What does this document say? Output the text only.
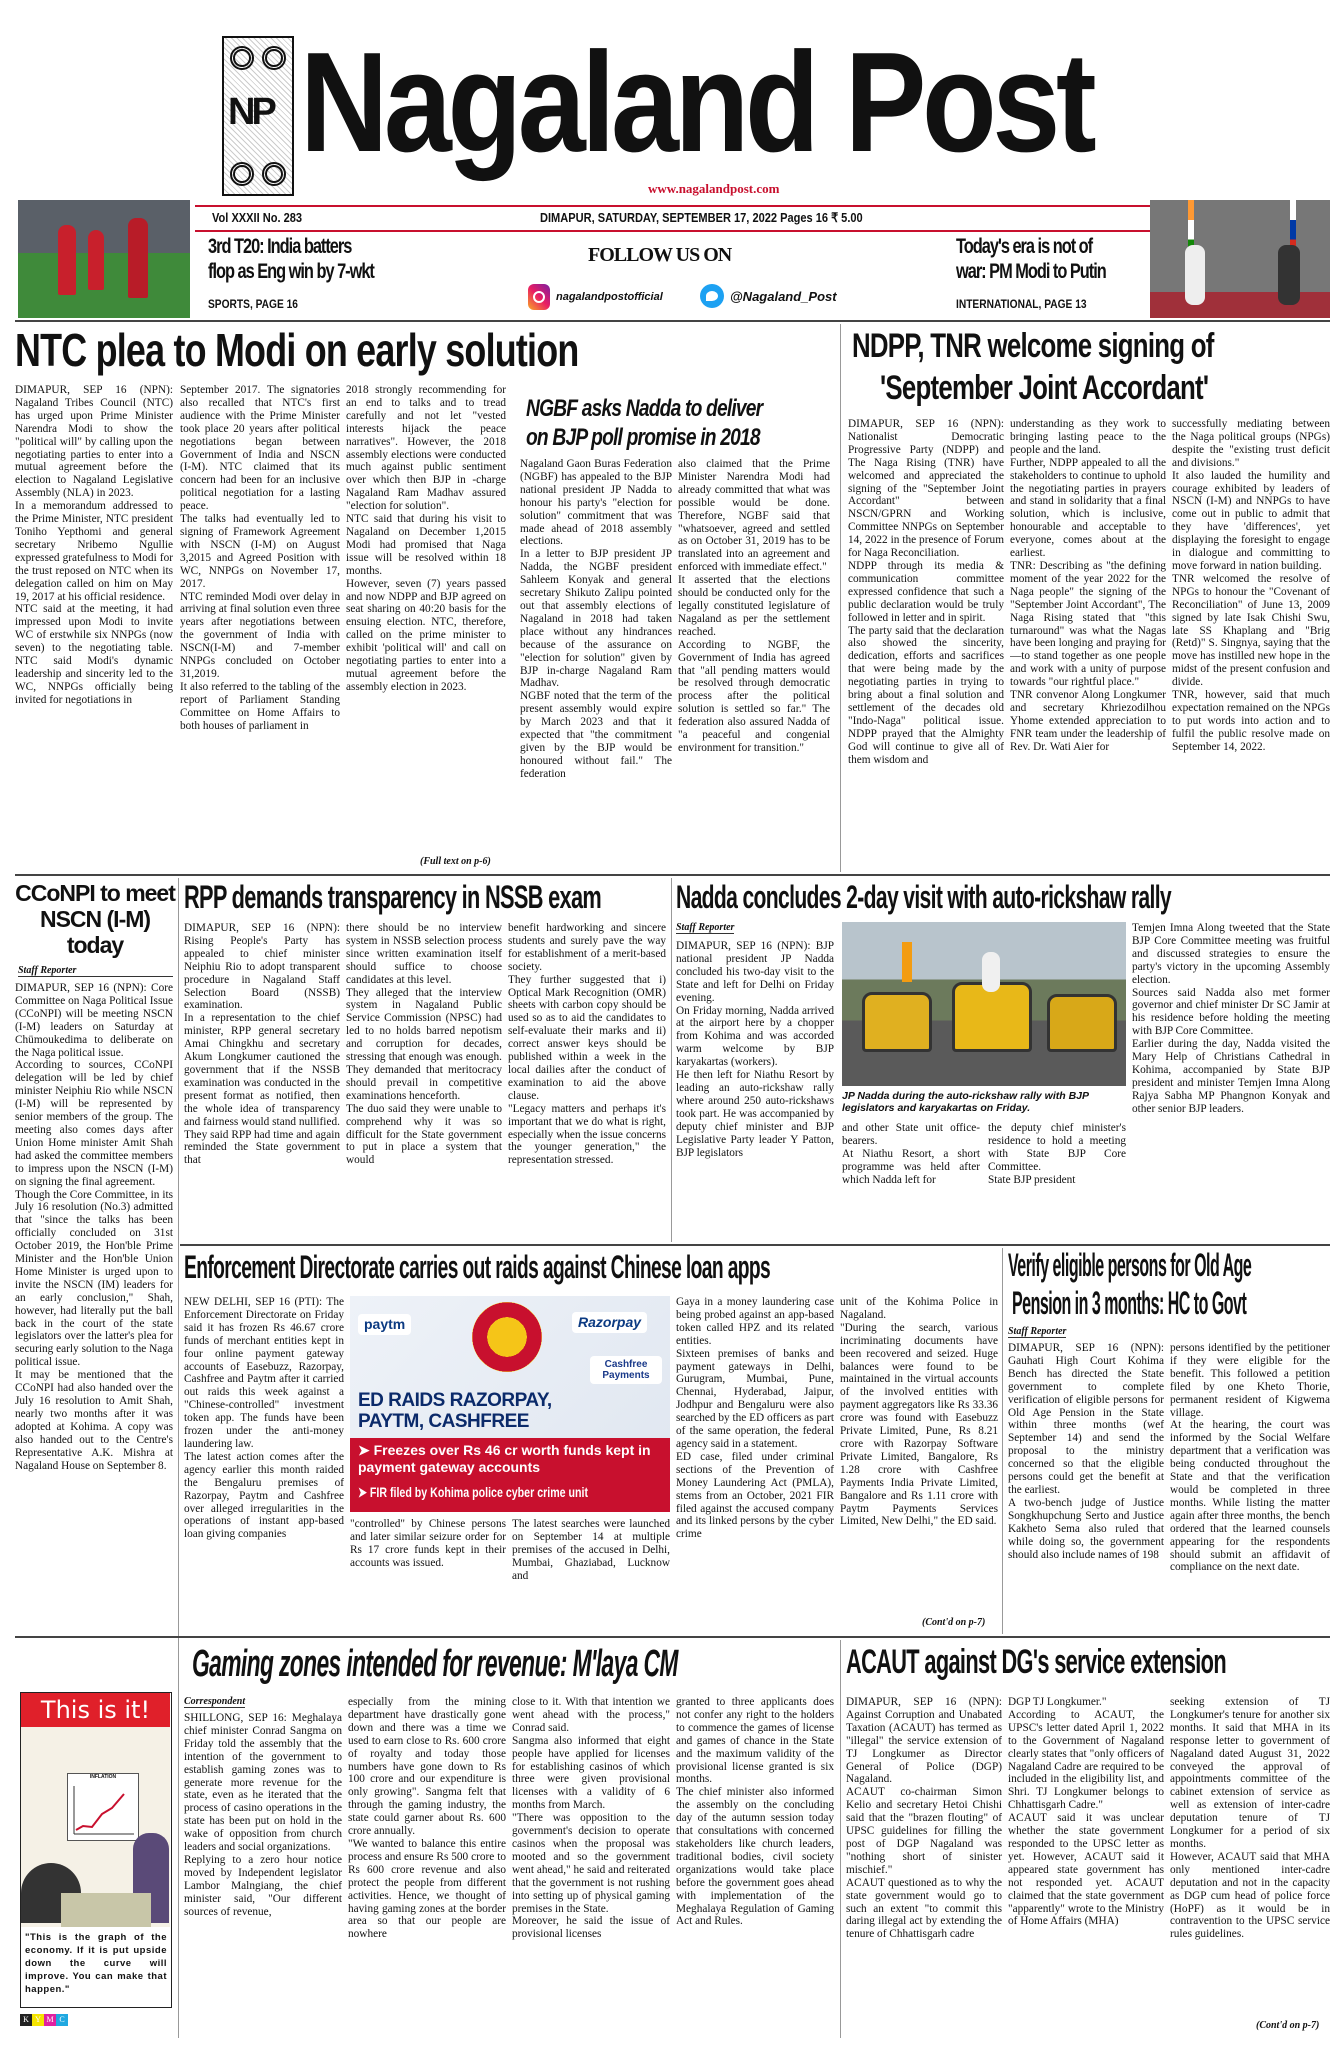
NP Nagaland Post
www.nagalandpost.com
Vol XXXII No. 283	DIMAPUR, SATURDAY, SEPTEMBER 17, 2022 Pages 16 ₹ 5.00
3rd T20: India batters
flop as Eng win by 7-wkt
SPORTS, PAGE 16
FOLLOW US ON
nagalandpostofficial	@Nagaland_Post
Today's era is not of
war: PM Modi to Putin
INTERNATIONAL, PAGE 13
NTC plea to Modi on early solution
DIMAPUR, SEP 16 (NPN): Nagaland Tribes Council (NTC) has urged upon Prime Minister Narendra Modi to show the "political will" by calling upon the negotiating parties to enter into a mutual agreement before the election to Nagaland Legislative Assembly (NLA) in 2023.
In a memorandum addressed to the Prime Minister, NTC president Toniho Yepthomi and general secretary Nribemo Ngullie expressed gratefulness to Modi for the trust reposed on NTC when its delegation called on him on May 19, 2017 at his official residence.
NTC said at the meeting, it had impressed upon Modi to invite WC of erstwhile six NNPGs (now seven) to the negotiating table. NTC said Modi's dynamic leadership and sincerity led to the WC, NNPGs officially being invited for negotiations in
September 2017. The signatories also recalled that NTC's first audience with the Prime Minister took place 20 years after political negotiations began between Government of India and NSCN (I-M). NTC claimed that its concern had been for an inclusive political negotiation for a lasting peace.
The talks had eventually led to signing of Framework Agreement with NSCN (I-M) on August 3,2015 and Agreed Position with WC, NNPGs on November 17, 2017.
NTC reminded Modi over delay in arriving at final solution even three years after negotiations between the government of India with NSCN(I-M) and 7-member NNPGs concluded on October 31,2019.
It also referred to the tabling of the report of Parliament Standing Committee on Home Affairs to both houses of parliament in
2018 strongly recommending for an end to talks and to tread carefully and not let "vested interests hijack the peace narratives". However, the 2018 assembly elections were conducted much against public sentiment over which then BJP in -charge Nagaland Ram Madhav assured "election for solution".
NTC said that during his visit to Nagaland on December 1,2015 Modi had promised that Naga issue will be resolved within 18 months.
However, seven (7) years passed and now NDPP and BJP agreed on seat sharing on 40:20 basis for the ensuing election. NTC, therefore, called on the prime minister to exhibit 'political will' and call on negotiating parties to enter into a mutual agreement before the assembly election in 2023.
(Full text on p-6)
NGBF asks Nadda to deliver
on BJP poll promise in 2018
Nagaland Gaon Buras Federation (NGBF) has appealed to the BJP national president JP Nadda to honour his party's "election for solution" commitment that was made ahead of 2018 assembly elections.
In a letter to BJP president JP Nadda, the NGBF president Sahleem Konyak and general secretary Shikuto Zalipu pointed out that assembly elections of Nagaland in 2018 had taken place without any hindrances because of the assurance on "election for solution" given by BJP in-charge Nagaland Ram Madhav.
NGBF noted that the term of the present assembly would expire by March 2023 and that it expected that "the commitment given by the BJP would be honoured without fail." The federation
also claimed that the Prime Minister Narendra Modi had already committed that what was possible would be done. Therefore, NGBF said that "whatsoever, agreed and settled as on October 31, 2019 has to be translated into an agreement and enforced with immediate effect."
It asserted that the elections should be conducted only for the legally constituted legislature of Nagaland as per the settlement reached.
According to NGBF, the Government of India has agreed that "all pending matters would be resolved through democratic process after the political solution is settled so far." The federation also assured Nadda of "a peaceful and congenial environment for transition."
NDPP, TNR welcome signing of
'September Joint Accordant'
DIMAPUR, SEP 16 (NPN): Nationalist Democratic Progressive Party (NDPP) and The Naga Rising (TNR) have welcomed and appreciated the signing of the "September Joint Accordant" between NSCN/GPRN and Working Committee NNPGs on September 14, 2022 in the presence of Forum for Naga Reconciliation.
NDPP through its media & communication committee expressed confidence that such a public declaration would be truly followed in letter and in spirit.
The party said that the declaration also showed the sincerity, dedication, efforts and sacrifices that were being made by the negotiating parties in trying to bring about a final solution and settlement of the decades old "Indo-Naga" political issue. NDPP prayed that the Almighty God will continue to give all of them wisdom and
understanding as they work to bringing lasting peace to the people and the land.
Further, NDPP appealed to all the stakeholders to continue to uphold the negotiating parties in prayers and stand in solidarity that a final solution, which is inclusive, honourable and acceptable to everyone, comes about at the earliest.
TNR: Describing as "the defining moment of the year 2022 for the Naga people" the signing of the "September Joint Accordant", The Naga Rising stated that "this turnaround" was what the Nagas have been longing and praying for—to stand together as one people and work with a unity of purpose towards "our rightful place."
TNR convenor Along Longkumer and secretary Khriezodilhou Yhome extended appreciation to FNR team under the leadership of Rev. Dr. Wati Aier for
successfully mediating between the Naga political groups (NPGs) despite the "existing trust deficit and divisions."
It also lauded the humility and courage exhibited by leaders of NSCN (I-M) and NNPGs to have come out in public to admit that they have 'differences', yet displaying the foresight to engage in dialogue and committing to move forward in nation building.
TNR welcomed the resolve of NPGs to honour the "Covenant of Reconciliation" of June 13, 2009 signed by late Isak Chishi Swu, late SS Khaplang and "Brig (Retd)" S. Singnya, saying that the move has instilled new hope in the midst of the present confusion and divide.
TNR, however, said that much expectation remained on the NPGs to put words into action and to fulfil the public resolve made on September 14, 2022.
CCoNPI to meet NSCN (I-M) today
Staff Reporter
DIMAPUR, SEP 16 (NPN): Core Committee on Naga Political Issue (CCoNPI) will be meeting NSCN (I-M) leaders on Saturday at Chümoukedima to deliberate on the Naga political issue.
According to sources, CCoNPI delegation will be led by chief minister Neiphiu Rio while NSCN (I-M) will be represented by senior members of the group. The meeting also comes days after Union Home minister Amit Shah had asked the committee members to impress upon the NSCN (I-M) on signing the final agreement.
Though the Core Committee, in its July 16 resolution (No.3) admitted that "since the talks has been officially concluded on 31st October 2019, the Hon'ble Prime Minister and the Hon'ble Union Home Minister is urged upon to invite the NSCN (IM) leaders for an early conclusion," Shah, however, had literally put the ball back in the court of the state legislators over the latter's plea for securing early solution to the Naga political issue.
It may be mentioned that the CCoNPI had also handed over the July 16 resolution to Amit Shah, nearly two months after it was adopted at Kohima. A copy was also handed out to the Centre's Representative A.K. Mishra at Nagaland House on September 8.
RPP demands transparency in NSSB exam
DIMAPUR, SEP 16 (NPN): Rising People's Party has appealed to chief minister Neiphiu Rio to adopt transparent procedure in Nagaland Staff Selection Board (NSSB) examination.
In a representation to the chief minister, RPP general secretary Amai Chingkhu and secretary Akum Longkumer cautioned the government that if the NSSB examination was conducted in the present format as notified, then the whole idea of transparency and fairness would stand nullified.
They said RPP had time and again reminded the State government that
there should be no interview system in NSSB selection process since written examination itself should suffice to choose candidates at this level.
They alleged that the interview system in Nagaland Public Service Commission (NPSC) had led to no holds barred nepotism and corruption for decades, stressing that enough was enough. They demanded that meritocracy should prevail in competitive examinations henceforth.
The duo said they were unable to comprehend why it was so difficult for the State government to put in place a system that would
benefit hardworking and sincere students and surely pave the way for establishment of a merit-based society.
They further suggested that i) Optical Mark Recognition (OMR) sheets with carbon copy should be used so as to aid the candidates to self-evaluate their marks and ii) correct answer keys should be published within a week in the local dailies after the conduct of examination to aid the above clause.
"Legacy matters and perhaps it's important that we do what is right, especially when the issue concerns the younger generation," the representation stressed.
Nadda concludes 2-day visit with auto-rickshaw rally
Staff Reporter
DIMAPUR, SEP 16 (NPN): BJP national president JP Nadda concluded his two-day visit to the State and left for Delhi on Friday evening.
On Friday morning, Nadda arrived at the airport here by a chopper from Kohima and was accorded warm welcome by BJP karyakartas (workers).
He then left for Niathu Resort by leading an auto-rickshaw rally where around 250 auto-rickshaws took part. He was accompanied by deputy chief minister and BJP Legislative Party leader Y Patton, BJP legislators
JP Nadda during the auto-rickshaw rally with BJP legislators and karyakartas on Friday.
and other State unit office-bearers.
At Niathu Resort, a short programme was held after which Nadda left for
the deputy chief minister's residence to hold a meeting with State BJP Core Committee.
State BJP president
Temjen Imna Along tweeted that the State BJP Core Committee meeting was fruitful and discussed strategies to ensure the party's victory in the upcoming Assembly election.
Sources said Nadda also met former governor and chief minister Dr SC Jamir at his residence before holding the meeting with BJP Core Committee.
Earlier during the day, Nadda visited the Mary Help of Christians Cathedral in Kohima, accompanied by State BJP president and minister Temjen Imna Along Rajya Sabha MP Phangnon Konyak and other senior BJP leaders.
Enforcement Directorate carries out raids against Chinese loan apps
NEW DELHI, SEP 16 (PTI): The Enforcement Directorate on Friday said it has frozen Rs 46.67 crore funds of merchant entities kept in four online payment gateway accounts of Easebuzz, Razorpay, Cashfree and Paytm after it carried out raids this week against a "Chinese-controlled" investment token app. The funds have been frozen under the anti-money laundering law.
The latest action comes after the agency earlier this month raided the Bengaluru premises of Razorpay, Paytm and Cashfree over alleged irregularities in the operations of instant app-based loan giving companies
paytm	Razorpay
Cashfree Payments
ED RAIDS RAZORPAY, PAYTM, CASHFREE
➤ Freezes over Rs 46 cr worth funds kept in payment gateway accounts
➤ FIR filed by Kohima police cyber crime unit
"controlled" by Chinese persons and later similar seizure order for Rs 17 crore funds kept in their accounts was issued.
The latest searches were launched on September 14 at multiple premises of the accused in Delhi, Mumbai, Ghaziabad, Lucknow and
Gaya in a money laundering case being probed against an app-based token called HPZ and its related entities.
Sixteen premises of banks and payment gateways in Delhi, Gurugram, Mumbai, Pune, Chennai, Hyderabad, Jaipur, Jodhpur and Bengaluru were also searched by the ED officers as part of the same operation, the federal agency said in a statement.
ED case, filed under criminal sections of the Prevention of Money Laundering Act (PMLA), stems from an October, 2021 FIR filed against the accused company and its linked persons by the cyber crime
unit of the Kohima Police in Nagaland.
"During the search, various incriminating documents have been recovered and seized. Huge balances were found to be maintained in the virtual accounts of the involved entities with payment aggregators like Rs 33.36 crore was found with Easebuzz Private Limited, Pune, Rs 8.21 crore with Razorpay Software Private Limited, Bangalore, Rs 1.28 crore with Cashfree Payments India Private Limited, Bangalore and Rs 1.11 crore with Paytm Payments Services Limited, New Delhi," the ED said.
(Cont'd on p-7)
Verify eligible persons for Old Age
Pension in 3 months: HC to Govt
Staff Reporter
DIMAPUR, SEP 16 (NPN): Gauhati High Court Kohima Bench has directed the State government to complete verification of eligible persons for Old Age Pension in the State within three months (wef September 14) and send the proposal to the ministry concerned so that the eligible persons could get the benefit at the earliest.
A two-bench judge of Justice Songkhupchung Serto and Justice Kakheto Sema also ruled that while doing so, the government should also include names of 198
persons identified by the petitioner if they were eligible for the benefit. This followed a petition filed by one Kheto Thorie, permanent resident of Kigwema village.
At the hearing, the court was informed by the Social Welfare department that a verification was being conducted throughout the State and that the verification would be completed in three months. While listing the matter again after three months, the bench ordered that the learned counsels appearing for the respondents should submit an affidavit of compliance on the next date.
This is it!
INFLATION
"This is the graph of the economy. If it is put upside down the curve will improve. You can make that happen."
K Y M C
Gaming zones intended for revenue: M'laya CM
Correspondent
SHILLONG, SEP 16: Meghalaya chief minister Conrad Sangma on Friday told the assembly that the intention of the government to establish gaming zones was to generate more revenue for the state, even as he iterated that the process of casino operations in the state has been put on hold in the wake of opposition from church leaders and social organizations.
Replying to a zero hour notice moved by Independent legislator Lambor Malngiang, the chief minister said, "Our different sources of revenue,
especially from the mining department have drastically gone down and there was a time we used to earn close to Rs. 600 crore of royalty and today those numbers have gone down to Rs 100 crore and our expenditure is only growing". Sangma felt that through the gaming industry, the state could garner about Rs. 600 crore annually.
"We wanted to balance this entire process and ensure Rs 500 crore to Rs 600 crore revenue and also protect the people from different activities. Hence, we thought of having gaming zones at the border area so that our people are nowhere
close to it. With that intention we went ahead with the process," Conrad said.
Sangma also informed that eight people have applied for licenses for establishing casinos of which three were given provisional licenses with a validity of 6 months from March.
"There was opposition to the government's decision to operate casinos when the proposal was mooted and so the government went ahead," he said and reiterated that the government is not rushing into setting up of physical gaming premises in the State.
Moreover, he said the issue of provisional licenses
granted to three applicants does not confer any right to the holders to commence the games of license and games of chance in the State and the maximum validity of the provisional license granted is six months.
The chief minister also informed the assembly on the concluding day of the autumn session today that consultations with concerned stakeholders like church leaders, traditional bodies, civil society organizations would take place before the government goes ahead with implementation of the Meghalaya Regulation of Gaming Act and Rules.
ACAUT against DG's service extension
DIMAPUR, SEP 16 (NPN): Against Corruption and Unabated Taxation (ACAUT) has termed as "illegal" the service extension of TJ Longkumer as Director General of Police (DGP) Nagaland.
ACAUT co-chairman Simon Kelio and secretary Hetoi Chishi said that the "brazen flouting" of UPSC guidelines for filling the post of DGP Nagaland was "nothing short of sinister mischief."
ACAUT questioned as to why the state government would go to such an extent "to commit this daring illegal act by extending the tenure of Chhattisgarh cadre
DGP TJ Longkumer."
According to ACAUT, the UPSC's letter dated April 1, 2022 to the Government of Nagaland clearly states that "only officers of Nagaland Cadre are required to be included in the eligibility list, and Shri. TJ Longkumer belongs to Chhattisgarh Cadre."
ACAUT said it was unclear whether the state government responded to the UPSC letter as yet. However, ACAUT said it appeared state government has not responded yet. ACAUT claimed that the state government "apparently" wrote to the Ministry of Home Affairs (MHA)
seeking extension of TJ Longkumer's tenure for another six months. It said that MHA in its response letter to government of Nagaland dated August 31, 2022 conveyed the approval of appointments committee of the cabinet extension of service as well as extension of inter-cadre deputation tenure of TJ Longkumer for a period of six months.
However, ACAUT said that MHA only mentioned inter-cadre deputation and not in the capacity as DGP cum head of police force (HoPF) as it would be in contravention to the UPSC service rules guidelines.
(Cont'd on p-7)
